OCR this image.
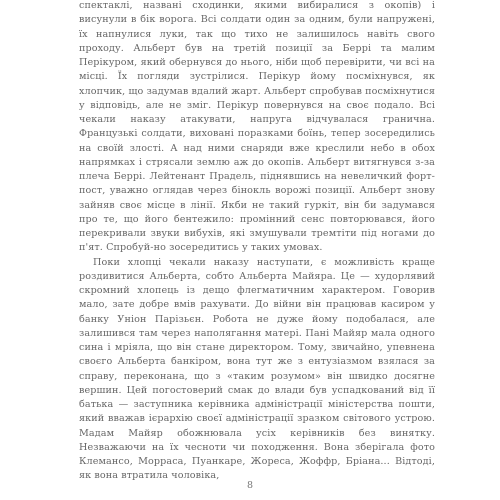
спектаклі, названі сходинки, якими вибиралися з окопів) і висунули в бік ворога. Всі солдати один за одним, були напружені, їх напнулися луки, так що тихо не залишилось навіть свого проходу. Альберт був на третій позиції за Беррі та малим Перікуром, який обернувся до нього, ніби щоб перевірити, чи всі на місці. Їх погляди зустрілися. Перікур йому посміхнувся, як хлопчик, що задумав вдалий жарт. Альберт спробував посміхнутися у відповідь, але не зміг. Перікур повернувся на своє подало. Всі чекали наказу атакувати, напруга відчувалася гранична. Французькі солдати, виховані поразками боїнь, тепер зосередились на своїй злості. А над ними снаряди вже креслили небо в обох напрямках і стрясали землю аж до окопів. Альберт витягнувся з-за плеча Беррі. Лейтенант Прадель, піднявшись на невеличкий форт-пост, уважно оглядав через бінокль ворожі позиції. Альберт знову зайняв своє місце в лінії. Якби не такий гуркіт, він би задумався про те, що його бентежило: промінний сенс повторювався, його перекривали звуки вибухів, які змушували тремтіти під ногами до п'ят. Спробуй-но зосередитись у таких умовах.

Поки хлопці чекали наказу наступати, є можливість краще роздивитися Альберта, собто Альберта Майяра. Це — худорлявий скромний хлопець із дещо флегматичним характером. Говорив мало, зате добре вмів рахувати. До війни він працював касиром у банку Уніон Парізьєн. Робота не дуже йому подобалася, але залишився там через наполягання матері. Пані Майяр мала одного сина і мріяла, що він стане директором. Тому, звичайно, упевнена своєго Альберта банкіром, вона тут же з ентузіазмом взялася за справу, переконана, що з «таким розумом» він швидко досягне вершин. Цей погостоверий смак до влади був успадкований від її батька — заступника керівника адміністрації міністерства пошти, який вважав ієрархію своєї адміністрації зразком світового устрою. Мадам Майяр обожнювала усіх керівників без винятку. Незважаючи на їх чесноти чи походження. Вона зберігала фото Клемансо, Морраса, Пуанкаре, Жореса, Жоффр, Бріана... Відтоді, як вона втратила чоловіка,

8
